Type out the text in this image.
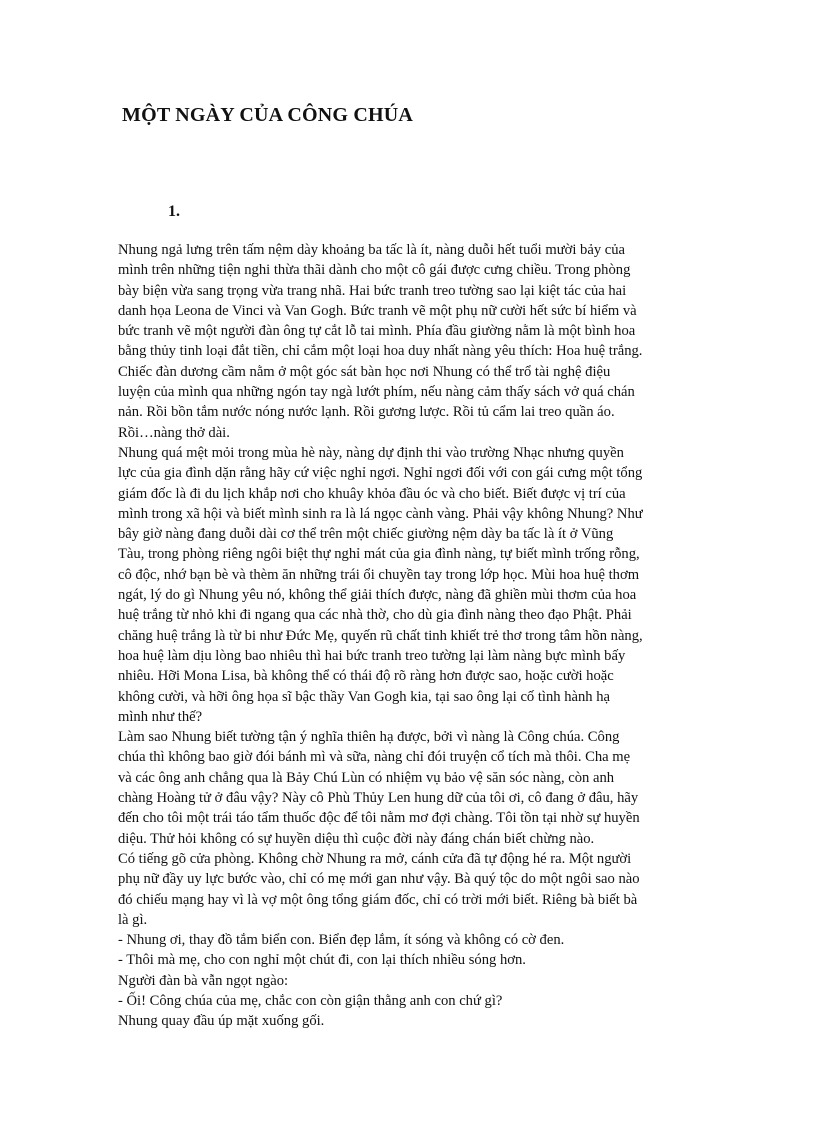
MỘT NGÀY CỦA CÔNG CHÚA
1.
Nhung ngả lưng trên tấm nệm dày khoảng ba tấc là ít, nàng duỗi hết tuổi mười bảy của
mình trên những tiện nghi thừa thãi dành cho một cô gái được cưng chiều. Trong phòng
bày biện vừa sang trọng vừa trang nhã. Hai bức tranh treo tường sao lại kiệt tác của hai
danh họa Leona de Vinci và Van Gogh. Bức tranh vẽ một phụ nữ cười hết sức bí hiểm và
bức tranh vẽ một người đàn ông tự cắt lỗ tai mình. Phía đầu giường nằm là một bình hoa
bằng thủy tinh loại đắt tiền, chỉ cắm một loại hoa duy nhất nàng yêu thích: Hoa huệ trắng.
Chiếc đàn dương cầm nằm ở một góc sát bàn học nơi Nhung có thể trổ tài nghệ điệu
luyện của mình qua những ngón tay ngà lướt phím, nếu nàng cảm thấy sách vở quá chán
nản. Rồi bồn tắm nước nóng nước lạnh. Rồi gương lược. Rồi tủ cẩm lai treo quần áo.
Rồi…nàng thở dài.
Nhung quá mệt mỏi trong mùa hè này, nàng dự định thi vào trường Nhạc nhưng quyền
lực của gia đình dặn rằng hãy cứ việc nghỉ ngơi. Nghỉ ngơi đối với con gái cưng một tổng
giám đốc là đi du lịch khắp nơi cho khuây khỏa đầu óc và cho biết. Biết được vị trí của
mình trong xã hội và biết mình sinh ra là lá ngọc cành vàng. Phải vậy không Nhung? Như
bây giờ nàng đang duỗi dài cơ thể trên một chiếc giường nệm dày ba tấc là ít ở Vũng
Tàu, trong phòng riêng ngôi biệt thự nghỉ mát của gia đình nàng, tự biết mình trống rỗng,
cô độc, nhớ bạn bè và thèm ăn những trái ổi chuyền tay trong lớp học. Mùi hoa huệ thơm
ngát, lý do gì Nhung yêu nó, không thể giải thích được, nàng đã ghiền mùi thơm của hoa
huệ trắng từ nhỏ khi đi ngang qua các nhà thờ, cho dù gia đình nàng theo đạo Phật. Phải
chăng huệ trắng là từ bi như Đức Mẹ, quyến rũ chất tinh khiết trẻ thơ trong tâm hồn nàng,
hoa huệ làm dịu lòng bao nhiêu thì hai bức tranh treo tường lại làm nàng bực mình bấy
nhiêu. Hỡi Mona Lisa, bà không thể có thái độ rõ ràng hơn được sao, hoặc cười hoặc
không cười, và hỡi ông họa sĩ bậc thầy Van Gogh kia, tại sao ông lại cố tình hành hạ
mình như thế?
Làm sao Nhung biết tường tận ý nghĩa thiên hạ được, bởi vì nàng là Công chúa. Công
chúa thì không bao giờ đói bánh mì và sữa, nàng chỉ đói truyện cổ tích mà thôi. Cha mẹ
và các ông anh chẳng qua là Bảy Chú Lùn có nhiệm vụ bảo vệ săn sóc nàng, còn anh
chàng Hoàng tử ở đâu vậy? Này cô Phù Thủy Len hung dữ của tôi ơi, cô đang ở đâu, hãy
đến cho tôi một trái táo tẩm thuốc độc để tôi nằm mơ đợi chàng. Tôi tồn tại nhờ sự huyền
diệu. Thử hỏi không có sự huyền diệu thì cuộc đời này đáng chán biết chừng nào.
Có tiếng gõ cửa phòng. Không chờ Nhung ra mở, cánh cửa đã tự động hé ra. Một người
phụ nữ đầy uy lực bước vào, chỉ có mẹ mới gan như vậy. Bà quý tộc do một ngôi sao nào
đó chiếu mạng hay vì là vợ một ông tổng giám đốc, chỉ có trời mới biết. Riêng bà biết bà
là gì.
- Nhung ơi, thay đồ tắm biển con. Biển đẹp lắm, ít sóng và không có cờ đen.
- Thôi mà mẹ, cho con nghỉ một chút đi, con lại thích nhiều sóng hơn.
Người đàn bà vẫn ngọt ngào:
- Ối! Công chúa của mẹ, chắc con còn giận thằng anh con chứ gì?
Nhung quay đầu úp mặt xuống gối.
